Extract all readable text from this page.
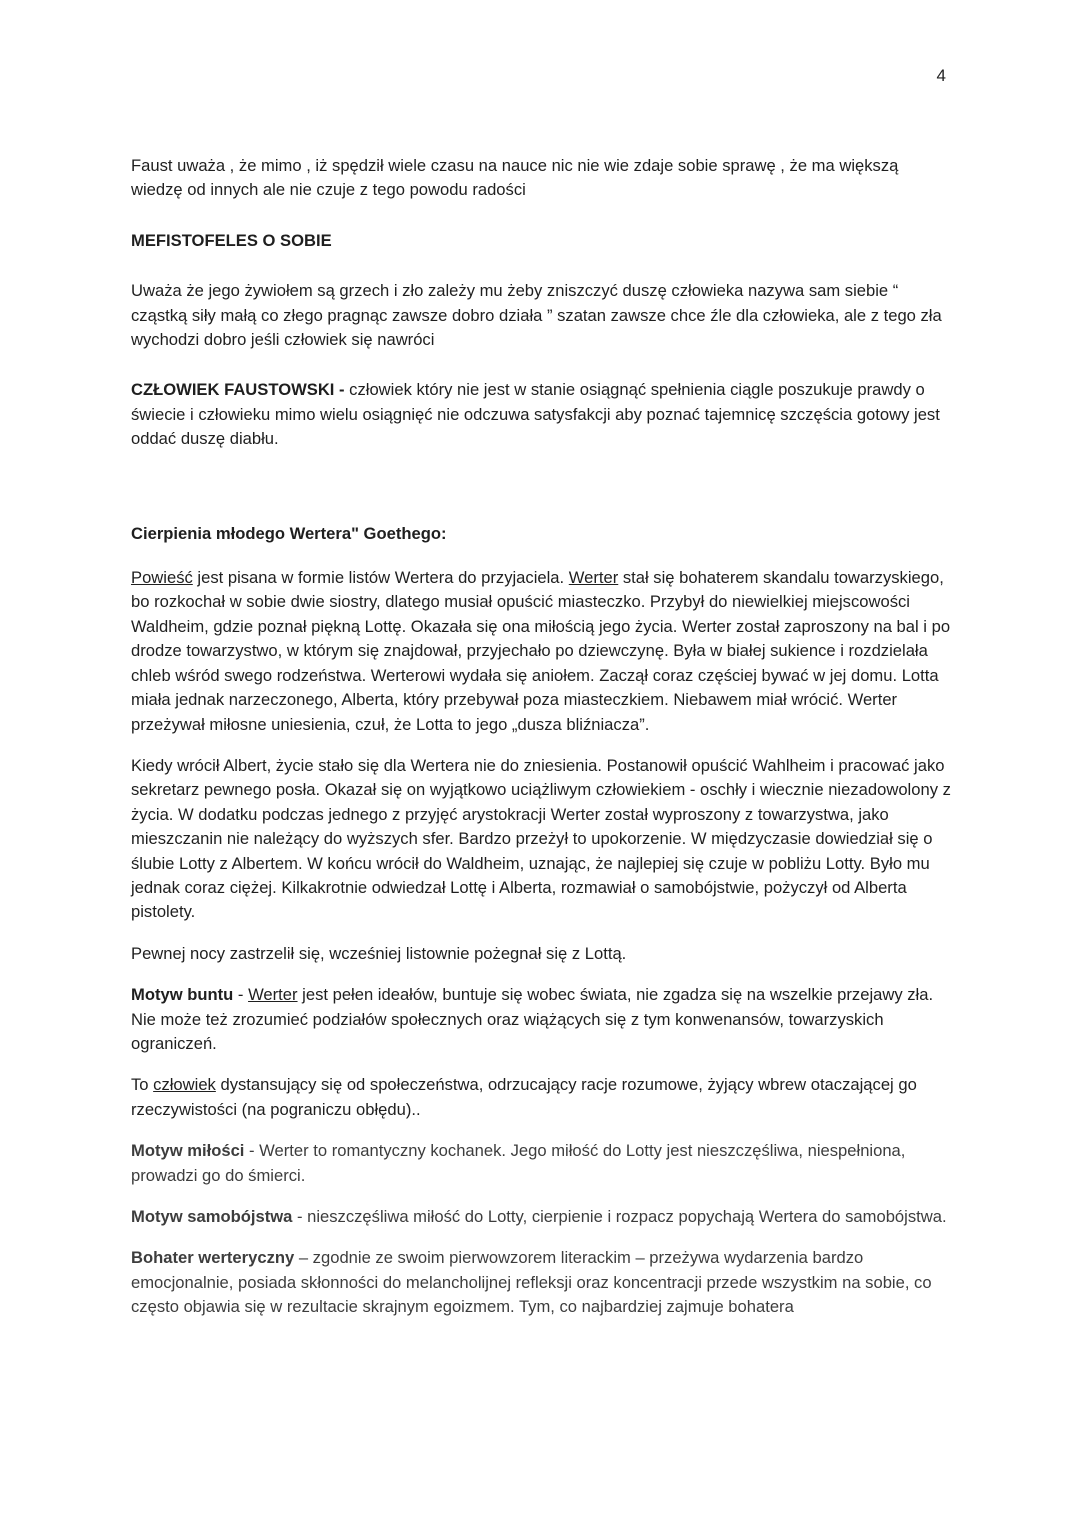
4

Faust uważa , że mimo , iż spędził wiele czasu na nauce nic nie wie zdaje sobie sprawę , że ma większą wiedzę od innych ale nie czuje z tego powodu radości

MEFISTOFELES O SOBIE

Uważa że jego żywiołem są grzech i zło zależy mu żeby zniszczyć duszę człowieka nazywa sam siebie “ cząstką siły małą co złego pragnąc zawsze dobro działa ” szatan zawsze chce źle dla człowieka, ale z tego zła wychodzi dobro jeśli człowiek się nawróci

CZŁOWIEK FAUSTOWSKI - człowiek który nie jest w stanie osiągnąć spełnienia ciągle poszukuje prawdy o świecie i człowieku mimo wielu osiągnięć nie odczuwa satysfakcji aby poznać tajemnicę szczęścia gotowy jest oddać duszę diabłu.

Cierpienia młodego Wertera" Goethego:

Powieść jest pisana w formie listów Wertera do przyjaciela. Werter stał się bohaterem skandalu towarzyskiego, bo rozkochał w sobie dwie siostry, dlatego musiał opuścić miasteczko. Przybył do niewielkiej miejscowości Waldheim, gdzie poznał piękną Lottę. Okazała się ona miłością jego życia. Werter został zaproszony na bal i po drodze towarzystwo, w którym się znajdował, przyjechało po dziewczynę. Była w białej sukience i rozdzielała chleb wśród swego rodzeństwa. Werterowi wydała się aniołem. Zaczął coraz częściej bywać w jej domu. Lotta miała jednak narzeczonego, Alberta, który przebywał poza miasteczkiem. Niebawem miał wrócić. Werter przeżywał miłosne uniesienia, czuł, że Lotta to jego „dusza bliźniacza”.

Kiedy wrócił Albert, życie stało się dla Wertera nie do zniesienia. Postanowił opuścić Wahlheim i pracować jako sekretarz pewnego posła. Okazał się on wyjątkowo uciążliwym człowiekiem - oschły i wiecznie niezadowolony z życia. W dodatku podczas jednego z przyjęć arystokracji Werter został wyproszony z towarzystwa, jako mieszczanin nie należący do wyższych sfer. Bardzo przeżył to upokorzenie. W międzyczasie dowiedział się o ślubie Lotty z Albertem. W końcu wrócił do Waldheim, uznając, że najlepiej się czuje w pobliżu Lotty. Było mu jednak coraz ciężej. Kilkakrotnie odwiedzał Lottę i Alberta, rozmawiał o samobójstwie, pożyczył od Alberta pistolety.

Pewnej nocy zastrzelił się, wcześniej listownie pożegnał się z Lottą.

Motyw buntu - Werter jest pełen ideałów, buntuje się wobec świata, nie zgadza się na wszelkie przejawy zła. Nie może też zrozumieć podziałów społecznych oraz wiążących się z tym konwenansów, towarzyskich ograniczeń.

To człowiek dystansujący się od społeczeństwa, odrzucający racje rozumowe, żyjący wbrew otaczającej go rzeczywistości (na pograniczu obłędu)..

Motyw miłości - Werter to romantyczny kochanek. Jego miłość do Lotty jest nieszczęśliwa, niespełniona, prowadzi go do śmierci.

Motyw samobójstwa - nieszczęśliwa miłość do Lotty, cierpienie i rozpacz popychają Wertera do samobójstwa.

Bohater werteryczny – zgodnie ze swoim pierwowzorem literackim – przeżywa wydarzenia bardzo emocjonalnie, posiada skłonności do melancholijnej refleksji oraz koncentracji przede wszystkim na sobie, co często objawia się w rezultacie skrajnym egoizmem. Tym, co najbardziej zajmuje bohatera
